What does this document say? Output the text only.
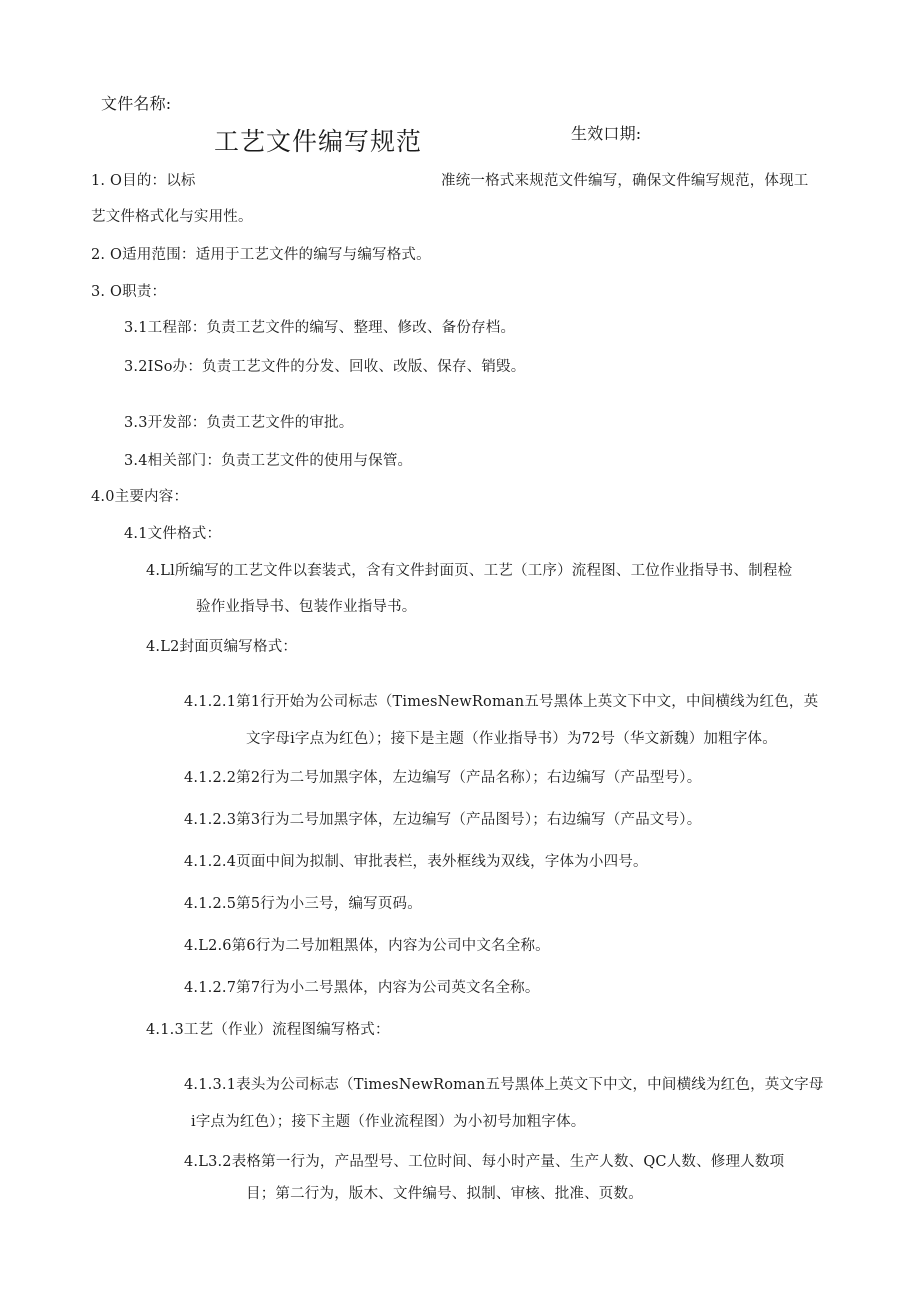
文件名称:
工艺文件编写规范	生效口期:
1. O目的：以标	准统一格式来规范文件编写，确保文件编写规范，体现工
艺文件格式化与实用性。
2. O适用范围：适用于工艺文件的编写与编写格式。
3. O职责：
3.1工程部：负责工艺文件的编写、整理、修改、备份存档。
3.2ISo办：负责工艺文件的分发、回收、改版、保存、销毁。
3.3开发部：负责工艺文件的审批。
3.4相关部门：负责工艺文件的使用与保管。
4.0主要内容：
4.1文件格式：
4.Ll所编写的工艺文件以套装式，含有文件封面页、工艺（工序）流程图、工位作业指导书、制程检
验作业指导书、包装作业指导书。
4.L2封面页编写格式：
4.1.2.1第1行开始为公司标志（TimesNewRoman五号黑体上英文下中文，中间横线为红色，英
文字母i字点为红色）；接下是主题（作业指导书）为72号（华文新魏）加粗字体。
4.1.2.2第2行为二号加黑字体，左边编写（产品名称）；右边编写（产品型号）。
4.1.2.3第3行为二号加黑字体，左边编写（产品图号）；右边编写（产品文号）。
4.1.2.4页面中间为拟制、审批表栏，表外框线为双线，字体为小四号。
4.1.2.5第5行为小三号，编写页码。
4.L2.6第6行为二号加粗黑体，内容为公司中文名全称。
4.1.2.7第7行为小二号黑体，内容为公司英文名全称。
4.1.3工艺（作业）流程图编写格式：
4.1.3.1表头为公司标志（TimesNewRoman五号黑体上英文下中文，中间横线为红色，英文字母
i字点为红色）；接下主题（作业流程图）为小初号加粗字体。
4.L3.2表格第一行为，产品型号、工位时间、每小时产量、生产人数、QC人数、修理人数项
目；第二行为，版木、文件编号、拟制、审核、批准、页数。
